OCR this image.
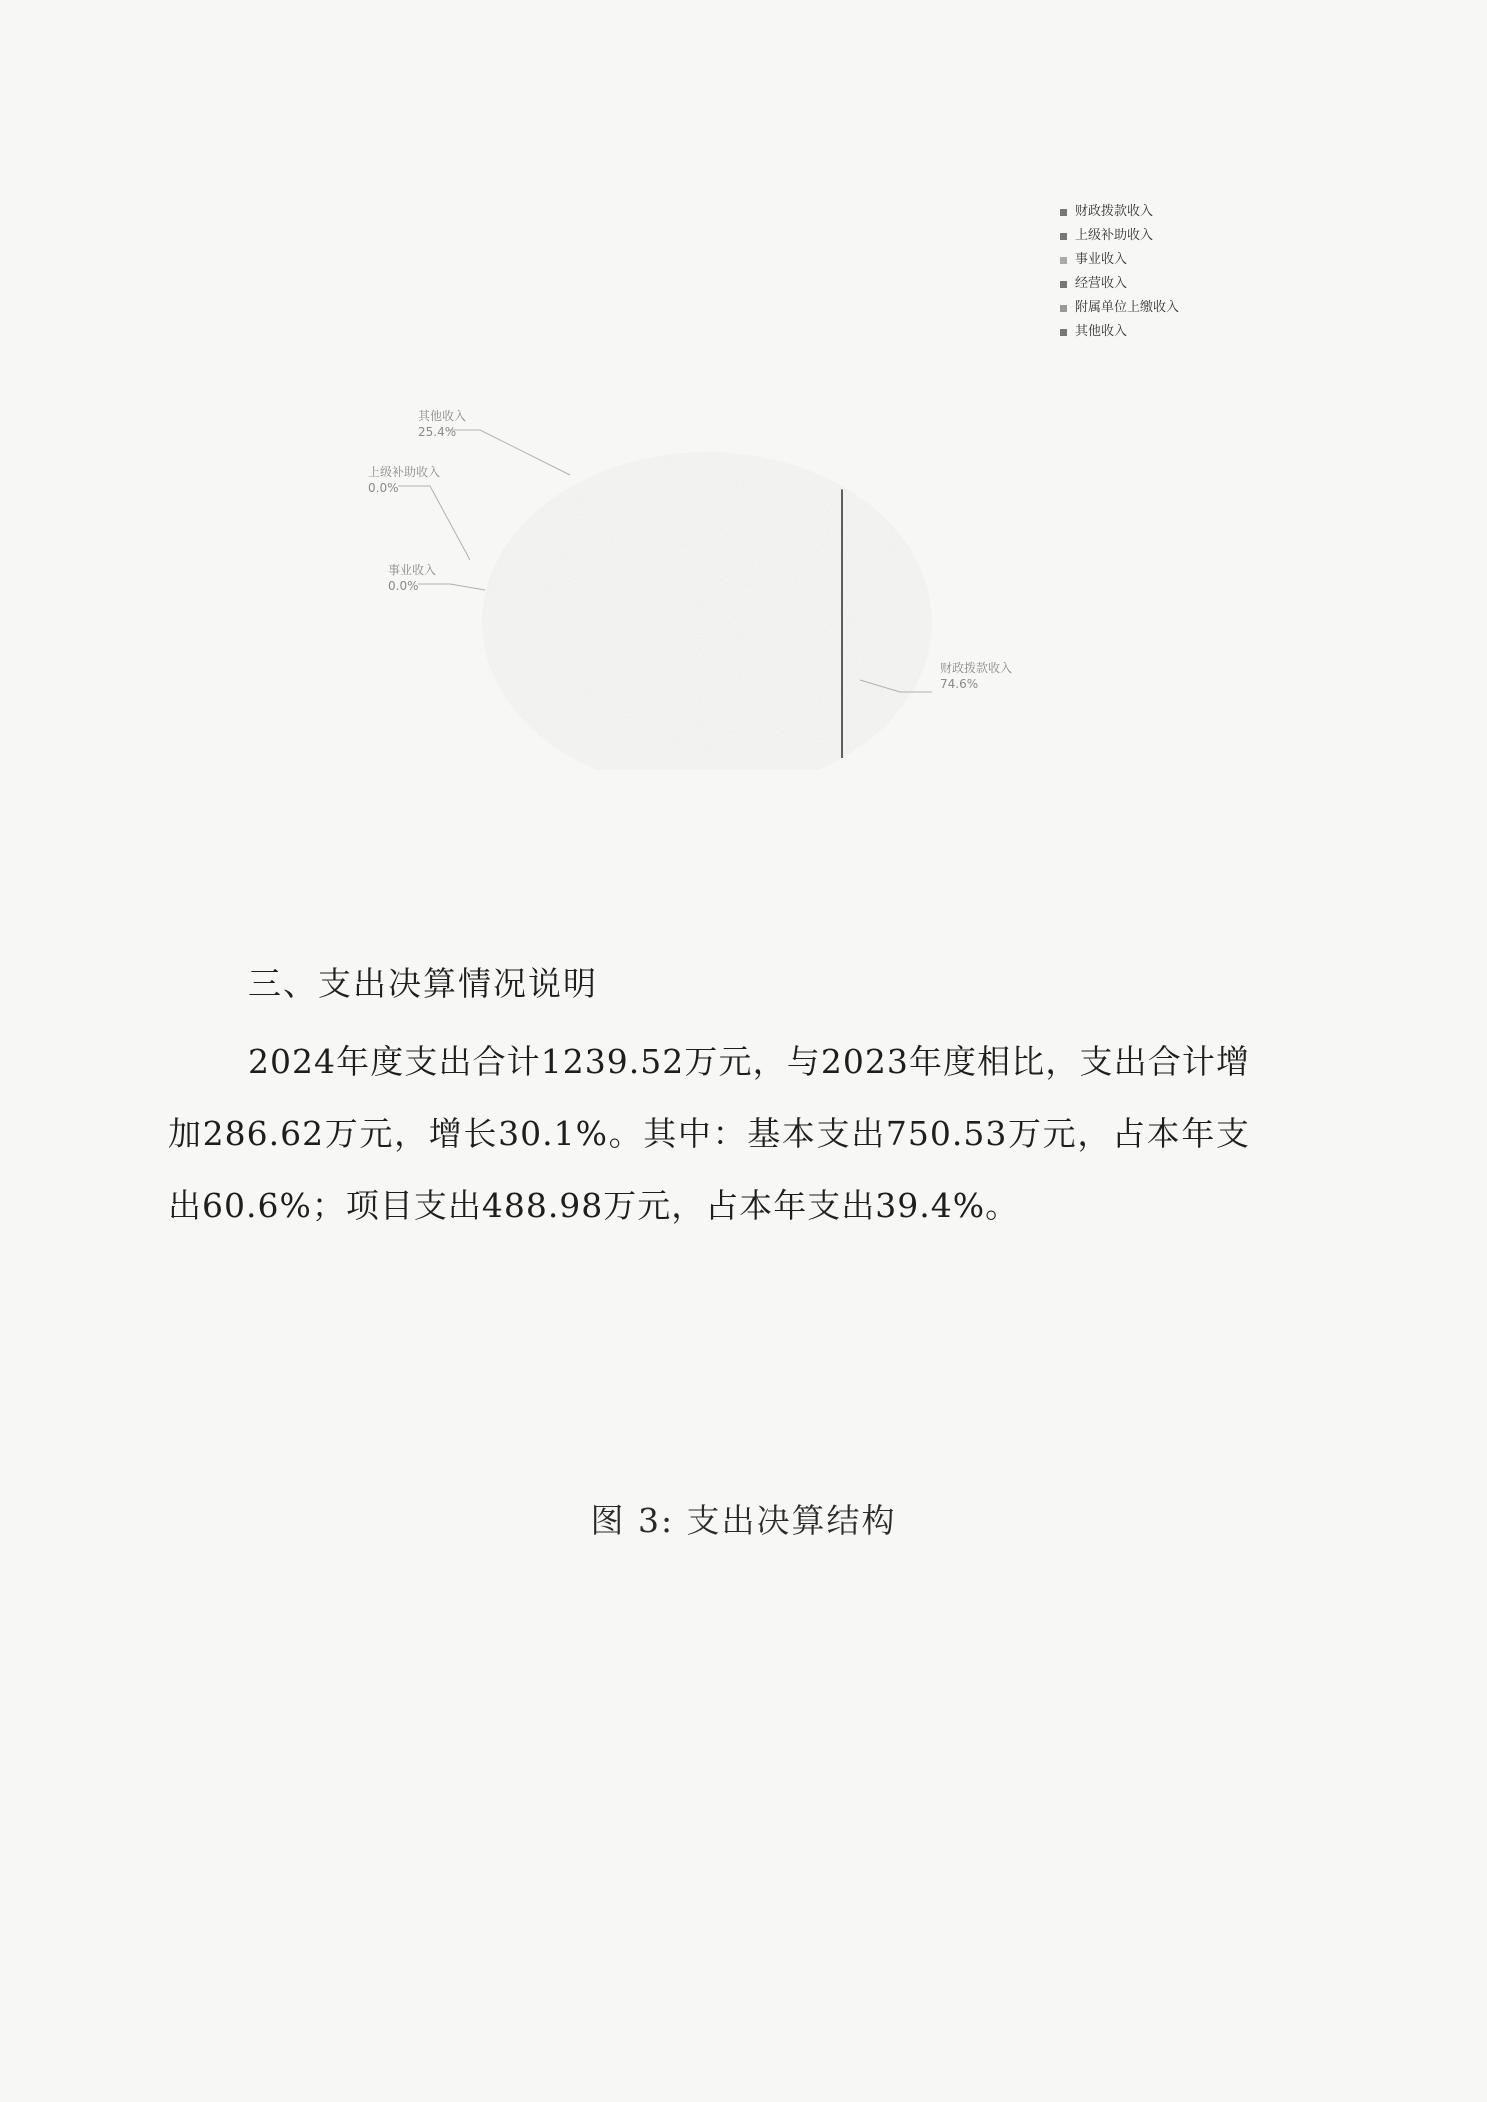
财政拨款收入
上级补助收入
事业收入
经营收入
附属单位上缴收入
其他收入
其他收入
25.4%
上级补助收入
0.0%
事业收入
0.0%
财政拨款收入
74.6%
三、支出决算情况说明
2024年度支出合计1239.52万元，与2023年度相比，支出合计增加286.62万元，增长30.1%。其中：基本支出750.53万元，占本年支出60.6%；项目支出488.98万元，占本年支出39.4%。
图 3: 支出决算结构
